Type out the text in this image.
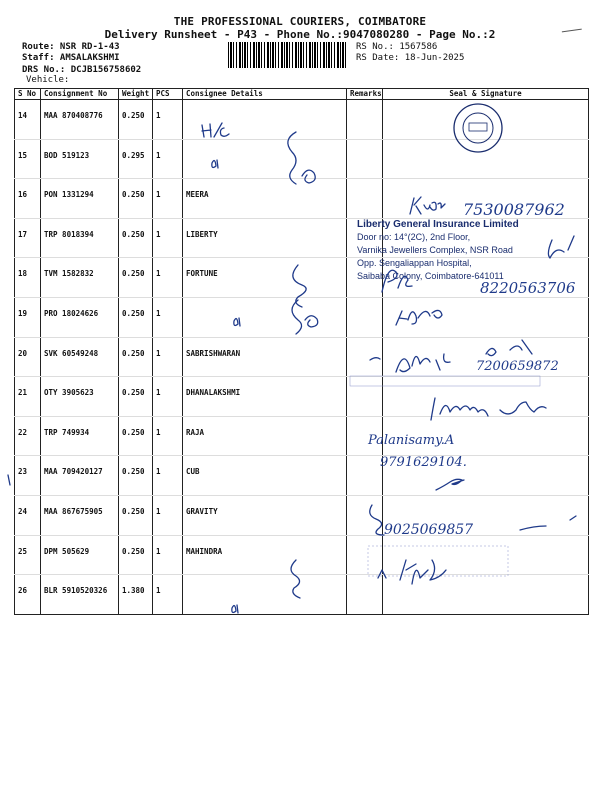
THE PROFESSIONAL COURIERS, COIMBATORE
Delivery Runsheet - P43 - Phone No.:9047080280 - Page No.:2
Route: NSR RD-1-43
Staff: AMSALAKSHMI
DRS No.: DCJB156758602
Vehicle:
RS No.: 1567586
RS Date: 18-Jun-2025
S No	Consignment No	Weight	PCS	Consignee Details	Remarks	Seal & Signature
14	MAA 870408776	0.250	1			
15	BOD 519123	0.295	1			
16	PON 1331294	0.250	1	MEERA		
17	TRP 8018394	0.250	1	LIBERTY		
18	TVM 1582832	0.250	1	FORTUNE		
19	PRO 18024626	0.250	1			
20	SVK 60549248	0.250	1	SABRISHWARAN		
21	OTY 3905623	0.250	1	DHANALAKSHMI		
22	TRP 749934	0.250	1	RAJA		
23	MAA 709420127	0.250	1	CUB		
24	MAA 867675905	0.250	1	GRAVITY		
25	DPM 505629	0.250	1	MAHINDRA		
26	BLR 5910520326	1.380	1			
7530087962
Liberty General Insurance Limited
Door no: 14°(2C), 2nd Floor,
Varnika Jewellers Complex, NSR Road
Opp. Sengaliappan Hospital,
Saibaba Colony, Coimbatore-641011
8220563706
7200659872
Palanisamy.A
9791629104.
9025069857
